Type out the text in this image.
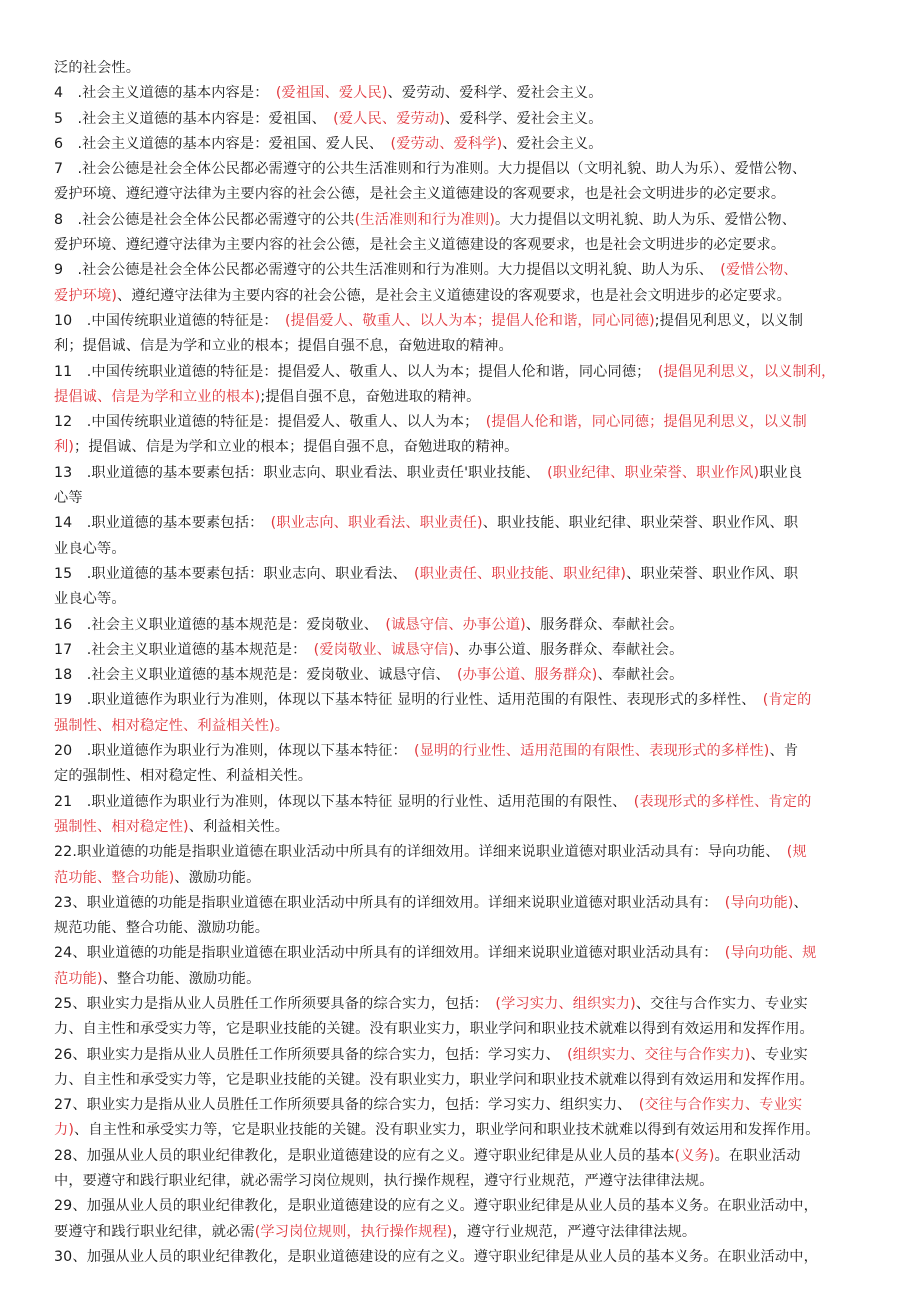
泛的社会性。
4　.社会主义道德的基本内容是：　(爱祖国、爱人民)、爱劳动、爱科学、爱社会主义。
5　.社会主义道德的基本内容是：爱祖国、　(爱人民、爱劳动)、爱科学、爱社会主义。
6　.社会主义道德的基本内容是：爱祖国、爱人民、　(爱劳动、爱科学)、爱社会主义。
7　.社会公德是社会全体公民都必需遵守的公共生活准则和行为准则。大力提倡以（文明礼貌、助人为乐）、爱惜公物、
爱护环境、遵纪遵守法律为主要内容的社会公德，是社会主义道德建设的客观要求，也是社会文明进步的必定要求。
8　.社会公德是社会全体公民都必需遵守的公共(生活准则和行为准则)。大力提倡以文明礼貌、助人为乐、爱惜公物、
爱护环境、遵纪遵守法律为主要内容的社会公德，是社会主义道德建设的客观要求，也是社会文明进步的必定要求。
9　.社会公德是社会全体公民都必需遵守的公共生活准则和行为准则。大力提倡以文明礼貌、助人为乐、　(爱惜公物、
爱护环境)、遵纪遵守法律为主要内容的社会公德，是社会主义道德建设的客观要求，也是社会文明进步的必定要求。
10　.中国传统职业道德的特征是：　(提倡爱人、敬重人、以人为本；提倡人伦和谐，同心同德);提倡见利思义，以义制
利；提倡诚、信是为学和立业的根本；提倡自强不息，奋勉进取的精神。
11　.中国传统职业道德的特征是：提倡爱人、敬重人、以人为本；提倡人伦和谐，同心同德；　(提倡见利思义，以义制利，
提倡诚、信是为学和立业的根本);提倡自强不息，奋勉进取的精神。
12　.中国传统职业道德的特征是：提倡爱人、敬重人、以人为本；　(提倡人伦和谐，同心同德；提倡见利思义，以义制
利)；提倡诚、信是为学和立业的根本；提倡自强不息，奋勉进取的精神。
13　.职业道德的基本要素包括：职业志向、职业看法、职业责任'职业技能、　(职业纪律、职业荣誉、职业作风)职业良
心等
14　.职业道德的基本要素包括：　(职业志向、职业看法、职业责任)、职业技能、职业纪律、职业荣誉、职业作风、职
业良心等。
15　.职业道德的基本要素包括：职业志向、职业看法、　(职业责任、职业技能、职业纪律)、职业荣誉、职业作风、职
业良心等。
16　.社会主义职业道德的基本规范是：爱岗敬业、　(诚恳守信、办事公道)、服务群众、奉献社会。
17　.社会主义职业道德的基本规范是：　(爱岗敬业、诚恳守信)、办事公道、服务群众、奉献社会。
18　.社会主义职业道德的基本规范是：爱岗敬业、诚恳守信、　(办事公道、服务群众)、奉献社会。
19　.职业道德作为职业行为准则，体现以下基本特征 显明的行业性、适用范围的有限性、表现形式的多样性、　(肯定的
强制性、相对稳定性、利益相关性)。
20　.职业道德作为职业行为准则，体现以下基本特征：　(显明的行业性、适用范围的有限性、表现形式的多样性)、肯
定的强制性、相对稳定性、利益相关性。
21　.职业道德作为职业行为准则，体现以下基本特征 显明的行业性、适用范围的有限性、　(表现形式的多样性、肯定的
强制性、相对稳定性)、利益相关性。
22.职业道德的功能是指职业道德在职业活动中所具有的详细效用。详细来说职业道德对职业活动具有：导向功能、　(规
范功能、整合功能)、激励功能。
23、职业道德的功能是指职业道德在职业活动中所具有的详细效用。详细来说职业道德对职业活动具有：　(导向功能)、
规范功能、整合功能、激励功能。
24、职业道德的功能是指职业道德在职业活动中所具有的详细效用。详细来说职业道德对职业活动具有：　(导向功能、规
范功能)、整合功能、激励功能。
25、职业实力是指从业人员胜任工作所须要具备的综合实力，包括：　(学习实力、组织实力)、交往与合作实力、专业实
力、自主性和承受实力等，它是职业技能的关键。没有职业实力，职业学问和职业技术就难以得到有效运用和发挥作用。
26、职业实力是指从业人员胜任工作所须要具备的综合实力，包括：学习实力、　(组织实力、交往与合作实力)、专业实
力、自主性和承受实力等，它是职业技能的关键。没有职业实力，职业学问和职业技术就难以得到有效运用和发挥作用。
27、职业实力是指从业人员胜任工作所须要具备的综合实力，包括：学习实力、组织实力、　(交往与合作实力、专业实
力)、自主性和承受实力等，它是职业技能的关键。没有职业实力，职业学问和职业技术就难以得到有效运用和发挥作用。
28、加强从业人员的职业纪律教化，是职业道德建设的应有之义。遵守职业纪律是从业人员的基本(义务)。在职业活动
中，要遵守和践行职业纪律，就必需学习岗位规则，执行操作规程，遵守行业规范，严遵守法律律法规。
29、加强从业人员的职业纪律教化，是职业道德建设的应有之义。遵守职业纪律是从业人员的基本义务。在职业活动中，
要遵守和践行职业纪律，就必需(学习岗位规则，执行操作规程)，遵守行业规范，严遵守法律律法规。
30、加强从业人员的职业纪律教化，是职业道德建设的应有之义。遵守职业纪律是从业人员的基本义务。在职业活动中，
